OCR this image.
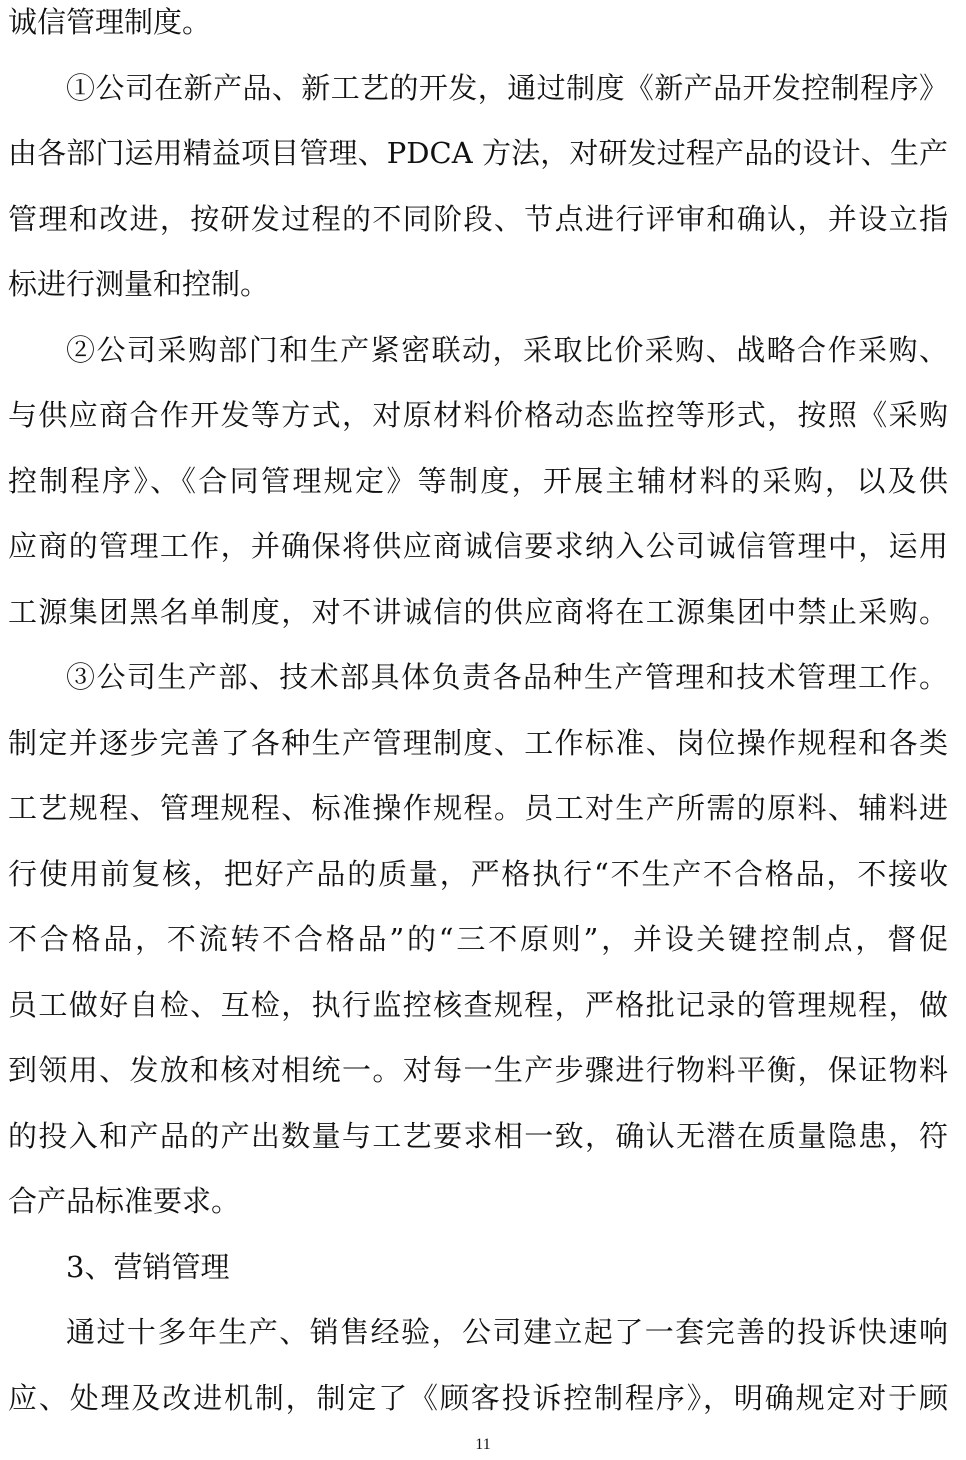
诚信管理制度。
①公司在新产品、新工艺的开发，通过制度《新产品开发控制程序》
由各部门运用精益项目管理、PDCA 方法，对研发过程产品的设计、生产
管理和改进，按研发过程的不同阶段、节点进行评审和确认，并设立指
标进行测量和控制。
②公司采购部门和生产紧密联动，采取比价采购、战略合作采购、
与供应商合作开发等方式，对原材料价格动态监控等形式，按照《采购
控制程序》、《合同管理规定》等制度，开展主辅材料的采购，以及供
应商的管理工作，并确保将供应商诚信要求纳入公司诚信管理中，运用
工源集团黑名单制度，对不讲诚信的供应商将在工源集团中禁止采购。
③公司生产部、技术部具体负责各品种生产管理和技术管理工作。
制定并逐步完善了各种生产管理制度、工作标准、岗位操作规程和各类
工艺规程、管理规程、标准操作规程。员工对生产所需的原料、辅料进
行使用前复核，把好产品的质量，严格执行“不生产不合格品，不接收
不合格品，不流转不合格品”的“三不原则”，并设关键控制点，督促
员工做好自检、互检，执行监控核查规程，严格批记录的管理规程，做
到领用、发放和核对相统一。对每一生产步骤进行物料平衡，保证物料
的投入和产品的产出数量与工艺要求相一致，确认无潜在质量隐患，符
合产品标准要求。
3、营销管理
通过十多年生产、销售经验，公司建立起了一套完善的投诉快速响
应、处理及改进机制，制定了《顾客投诉控制程序》，明确规定对于顾
11
